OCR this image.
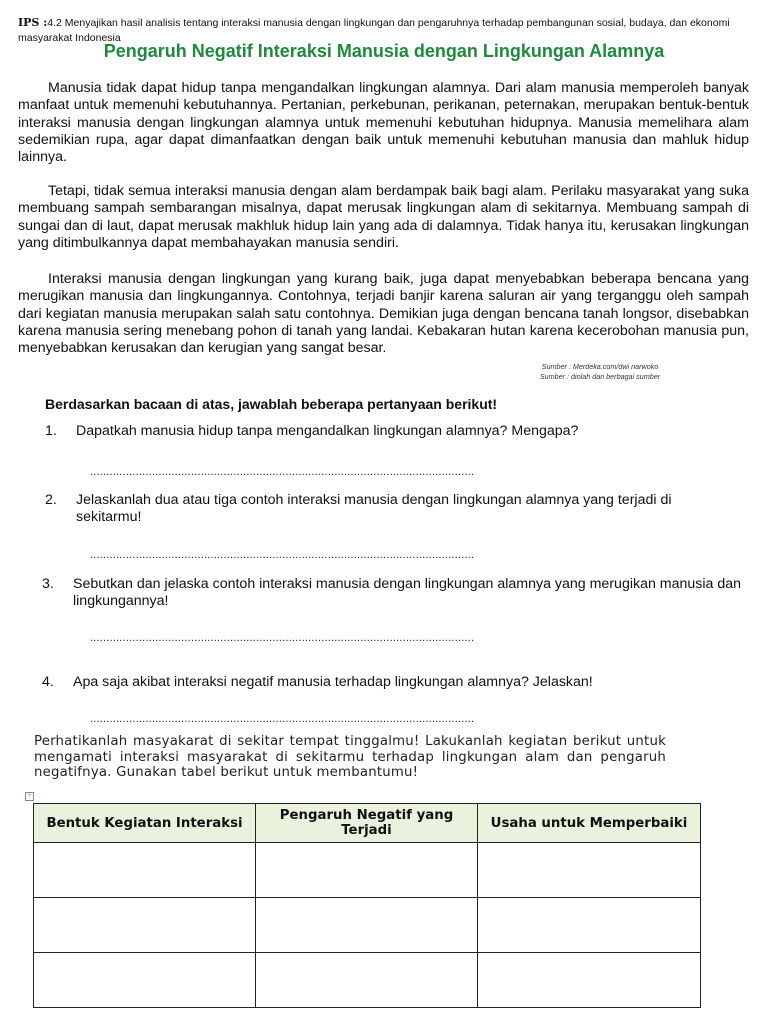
IPS :4.2 Menyajikan hasil analisis tentang interaksi manusia dengan lingkungan dan pengaruhnya terhadap pembangunan sosial, budaya, dan ekonomi masyarakat Indonesia
Pengaruh Negatif Interaksi Manusia dengan Lingkungan Alamnya

Manusia tidak dapat hidup tanpa mengandalkan lingkungan alamnya. Dari alam manusia memperoleh banyak manfaat untuk memenuhi kebutuhannya. Pertanian, perkebunan, perikanan, peternakan, merupakan bentuk-bentuk interaksi manusia dengan lingkungan alamnya untuk memenuhi kebutuhan hidupnya. Manusia memelihara alam sedemikian rupa, agar dapat dimanfaatkan dengan baik untuk memenuhi kebutuhan manusia dan mahluk hidup lainnya.

Tetapi, tidak semua interaksi manusia dengan alam berdampak baik bagi alam. Perilaku masyarakat yang suka membuang sampah sembarangan misalnya, dapat merusak lingkungan alam di sekitarnya. Membuang sampah di sungai dan di laut, dapat merusak makhluk hidup lain yang ada di dalamnya. Tidak hanya itu, kerusakan lingkungan yang ditimbulkannya dapat membahayakan manusia sendiri.

Interaksi manusia dengan lingkungan yang kurang baik, juga dapat menyebabkan beberapa bencana yang merugikan manusia dan lingkungannya. Contohnya, terjadi banjir karena saluran air yang terganggu oleh sampah dari kegiatan manusia merupakan salah satu contohnya. Demikian juga dengan bencana tanah longsor, disebabkan karena manusia sering menebang pohon di tanah yang landai. Kebakaran hutan karena kecerobohan manusia pun, menyebabkan kerusakan dan kerugian yang sangat besar.

Sumber : Merdeka.com/dwi narwoko
Sumber : diolah dari berbagai sumber
Berdasarkan bacaan di atas, jawablah beberapa pertanyaan berikut!
1. Dapatkah manusia hidup tanpa mengandalkan lingkungan alamnya? Mengapa?
......................................................................................................................
2. Jelaskanlah dua atau tiga contoh interaksi manusia dengan lingkungan alamnya yang terjadi di sekitarmu!
......................................................................................................................
3. Sebutkan dan jelaska contoh interaksi manusia dengan lingkungan alamnya yang merugikan manusia dan lingkungannya!
......................................................................................................................
4. Apa saja akibat interaksi negatif manusia terhadap lingkungan alamnya? Jelaskan!
......................................................................................................................
Perhatikanlah masyakarat di sekitar tempat tinggalmu! Lakukanlah kegiatan berikut untuk mengamati interaksi masyarakat di sekitarmu terhadap lingkungan alam dan pengaruh negatifnya. Gunakan tabel berikut untuk membantumu!
+
Bentuk Kegiatan Interaksi	Pengaruh Negatif yang Terjadi	Usaha untuk Memperbaiki
